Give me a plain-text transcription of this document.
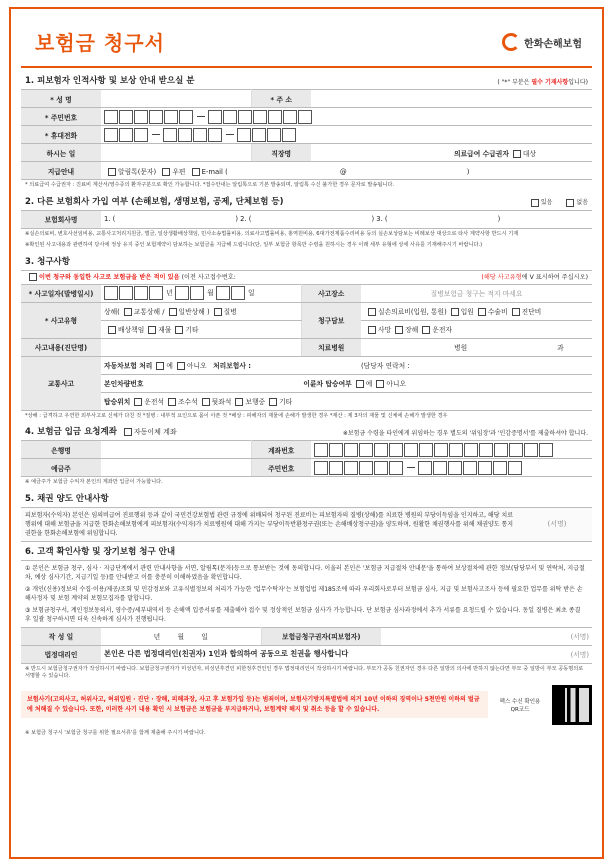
보험금 청구서	한화손해보험
1. 피보험자 인적사항 및 보상 안내 받으실 분	( "*" 부분은 필수 기재사항입니다)
* 성 명		* 주 소	
* 주민번호			
* 휴대전화			
하시는 일		직장명	의료급여 수급권자 대상
지급안내	알림톡(문자) 우편 E-mail ( @ )		
* 의료급여 수급권자 : 진료비 계산서/영수증의 환자구분으로 확인 가능합니다. *접수안내는 알림톡으로 기본 발송되며, 알림톡 수신 불가한 경우 문자로 발송됩니다.
2. 다른 보험회사 가입 여부 (손해보험, 생명보험, 공제, 단체보험 등)	있음	없음
보험회사명	1. (	) 2. (	) 3. (	)
※실손의료비, 변호사선임비용, 교통사고처리지원금, 벌금, 일상생활배상책임, 민사소송법률비용, 의료사고법률비용, 홍역원비용, 6대가전제품수리비용 등의 실손보상담보는 비례보상 대상으로 타사 계약사항 반드시 기재
※확인된 사고내용과 관련하여 당사에 정상 유지 중인 보험계약이 담보하는 보험금을 지급해 드립니다(단, 일부 보험금 항목만 수령을 원하시는 경우 이래 세부 유형에 상세 사유를 기재해주시기 바랍니다.)
3. 청구사항
이번 청구와 동일한 사고로 보험금을 받은 적이 있음 (이전 사고접수번호:	(해당 사고유형에 V 표시하여 주십시오)
* 사고일자(발병일시)	년 월 일	사고장소	질병보험금 청구는 적지 마세요
* 사고유형	상해( 교통상해 / 일반상해 ) 질병	청구담보	실손의료비(입원, 통원) 입원 수술비 진단비
	배상책임 재물 기타		사망 장해 운전자
사고내용(진단명)		치료병원	병원 과
교통사고	자동차보험 처리 예 아니오 처리보험사 : (담당자 연락처 :		
	본인차량번호 이륜차 탑승여부 예 아니오		
	탑승위치 운전석 조수석 뒷좌석 보행중 기타		
*상해 : 급격하고 우연한 외부사고로 신체가 다친 것 *질병 : 내부적 요인으로 몸이 아픈 것 *배상 : 피해자의 재물에 손해가 발생한 경우 *재산 : 제 3자의 재물 및 신체에 손해가 발생한 경우
4. 보험금 입금 요청계좌 자동이체 계좌	※보험금 수령을 타인에게 위임하는 경우 별도의 '위임장'과 '인감증명서'를 제출하셔야 합니다.
은행명		계좌번호	
예금주		주민번호	
※ 예금주가 보험금 수익자 본인의 계좌만 입금이 가능합니다.
5. 채권 양도 안내사항
피보험자(수익자) 본인은 임의비급여 진료행위 등과 같이 국민건강보험법 관련 규정에 위배되어 청구된 진료비는 피보험자의 질병(상해)를 치료한 병원의 부당이득임을 인지하고, 해당 치료행위에 대해 보험금을 지급한 한화손해보험에게 피보험자(수익자)가 치료병원에 대해 가지는 부당이득반환청구권(또는 손해배상청구권)을 양도하며, 원활한 채권행사를 위해 채권양도 통지권한을 한화손해보험에 위임합니다.
(서명)
6. 고객 확인사항 및 장기보험 청구 안내
① 본인은 보험금 청구, 심사 · 지급단계에서 관련 안내사항을 서면, 알림톡(문자)등으로 통보받는 것에 동의합니다. 이울러 본인은 '보험금 지급절차 안내문'을 통하여 보상절차에 관한 정보(담당부서 및 연락처, 지급절차, 예상 심사기간, 지급기일 등)를 안내받고 이를 충분히 이해하였음을 확인합니다.
② 개인(신용)정보의 수집·이용/제공/조회 및 민감정보와 고유식별정보의 처리가 가능한 '업무수탁자'는 보험업법 제185조에 따라 우리회사로부터 보험금 심사, 지급 및 보험사고조사 등에 필요한 업무를 위탁 받은 손해사정자 및 보험 계약의 보험모집자를 말합니다.
③ 보험금청구서, 계인정보동의서, 영수증/세부내역서 등 손해액 입증서류를 제출해야 접수 및 정상적인 보험금 심사가 가능합니다. 단 보험금 심사과정에서 추가 서류를 요청드릴 수 있습니다. 동일 질병은 최초 종결 후 일괄 청구하시면 더욱 신속하게 심사가 진행됩니다.
작 성 일	년 월 일	보험금청구권자(피보험자)	(서명)
법정대리인	본인은 다른 법정대리인(친권자) 1인과 합의하여 공동으로 친권을 행사합니다		(서명)
※ 반드시 보험금청구권자가 작성하시기 바랍니다. 보험금청구권자가 미성년자, 피성년후견인 피한정후견인인 경우 법정대리인이 작성하시기 바랍니다. 부모가 공동 친권자인 경우 다른 일방의 의사에 반하지 않는다면 부모 중 일방이 부모 공동명의로 서명할 수 있습니다.
보험사기(고의사고, 허위사고, 허위입원 · 진단 · 장해, 피해과장, 사고 후 보험가입 등)는 범죄이며, 보험사기방지특별법에 의거 10년 이하의 징역이나 5천만원 이하의 벌금에 처해질 수 있습니다. 또한, 이러한 사기 내용 확인 시 보험금은 보험금을 부지급하거나, 보험계약 해지 및 취소 등을 할 수 있습니다.
팩스 수신 확인용
QR코드
※ 보험금 청구시 '보험금 청구를 위한 필요서류'를 함께 제출해 주시기 바랍니다.
